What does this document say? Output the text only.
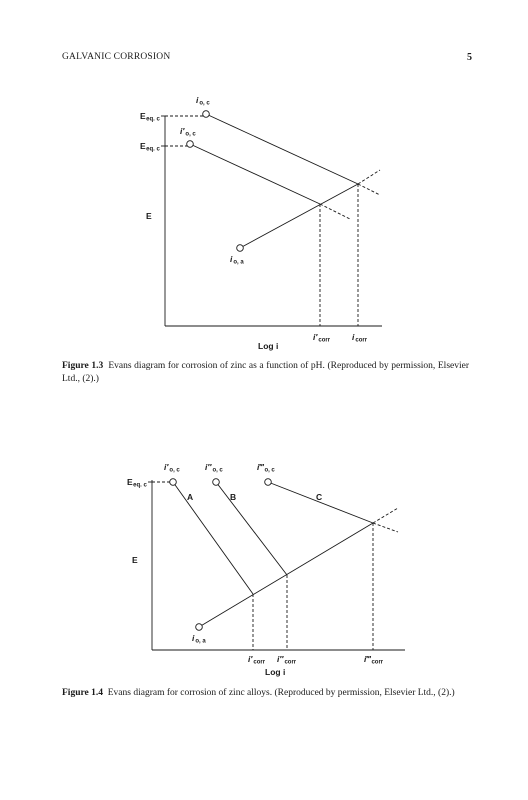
GALVANIC CORROSION	5
io, c
i′o, c
Eeq. c
Eeq. c
E
io, a
i′corr	icorr
Log i
i′o, c	i″o, c	i‴o, c
Eeq. c
A	B	C
E
io, a
i′corr i″corr	i‴corr
Log i
Figure 1.3 Evans diagram for corrosion of zinc as a function of pH. (Reproduced by permission, Elsevier Ltd., (2).)
Figure 1.4 Evans diagram for corrosion of zinc alloys. (Reproduced by permission, Elsevier Ltd., (2).)
